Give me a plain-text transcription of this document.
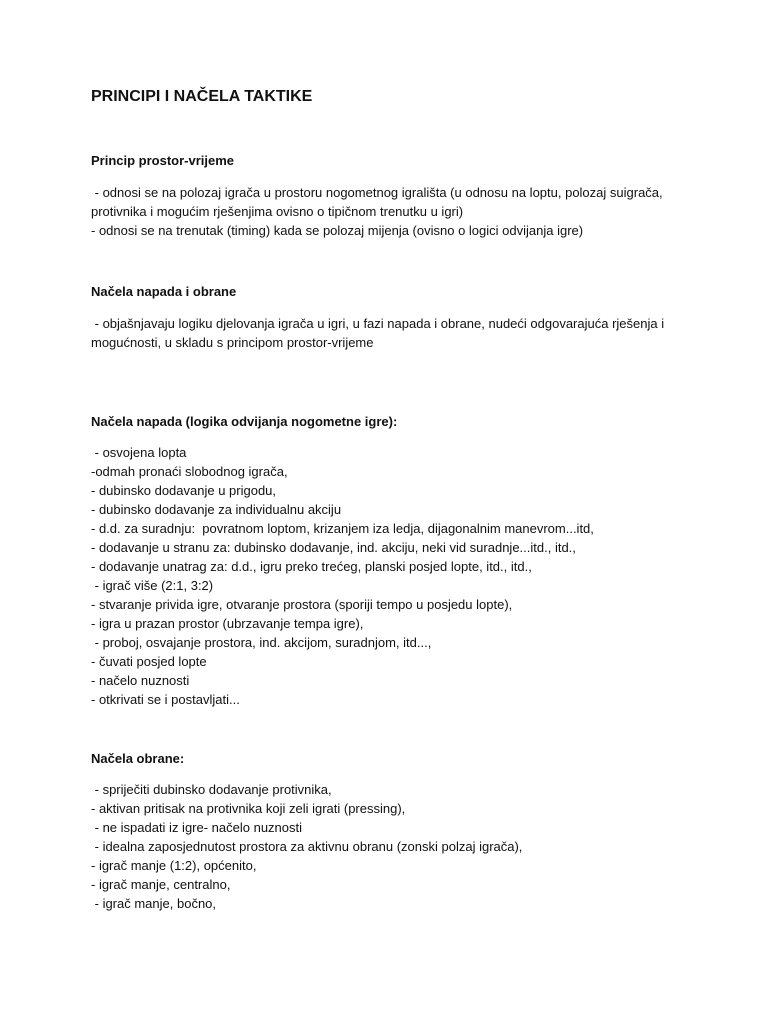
PRINCIPI I NAČELA TAKTIKE
Princip prostor-vrijeme
- odnosi se na polozaj igrača u prostoru nogometnog igrališta (u odnosu na loptu, polozaj suigrača,
protivnika i mogućim rješenjima ovisno o tipičnom trenutku u igri)
- odnosi se na trenutak (timing) kada se polozaj mijenja (ovisno o logici odvijanja igre)
Načela napada i obrane
- objašnjavaju logiku djelovanja igrača u igri, u fazi napada i obrane, nudeći odgovarajuća rješenja i
mogućnosti, u skladu s principom prostor-vrijeme
Načela napada (logika odvijanja nogometne igre):
- osvojena lopta
-odmah pronaći slobodnog igrača,
- dubinsko dodavanje u prigodu,
- dubinsko dodavanje za individualnu akciju
- d.d. za suradnju:  povratnom loptom, krizanjem iza ledja, dijagonalnim manevrom...itd,
- dodavanje u stranu za: dubinsko dodavanje, ind. akciju, neki vid suradnje...itd., itd.,
- dodavanje unatrag za: d.d., igru preko trećeg, planski posjed lopte, itd., itd.,
- igrač više (2:1, 3:2)
- stvaranje privida igre, otvaranje prostora (sporiji tempo u posjedu lopte),
- igra u prazan prostor (ubrzavanje tempa igre),
- proboj, osvajanje prostora, ind. akcijom, suradnjom, itd...,
- čuvati posjed lopte
- načelo nuznosti
- otkrivati se i postavljati...
Načela obrane:
- spriječiti dubinsko dodavanje protivnika,
- aktivan pritisak na protivnika koji zeli igrati (pressing),
- ne ispadati iz igre- načelo nuznosti
- idealna zaposjednutost prostora za aktivnu obranu (zonski polzaj igrača),
- igrač manje (1:2), općenito,
- igrač manje, centralno,
- igrač manje, bočno,
